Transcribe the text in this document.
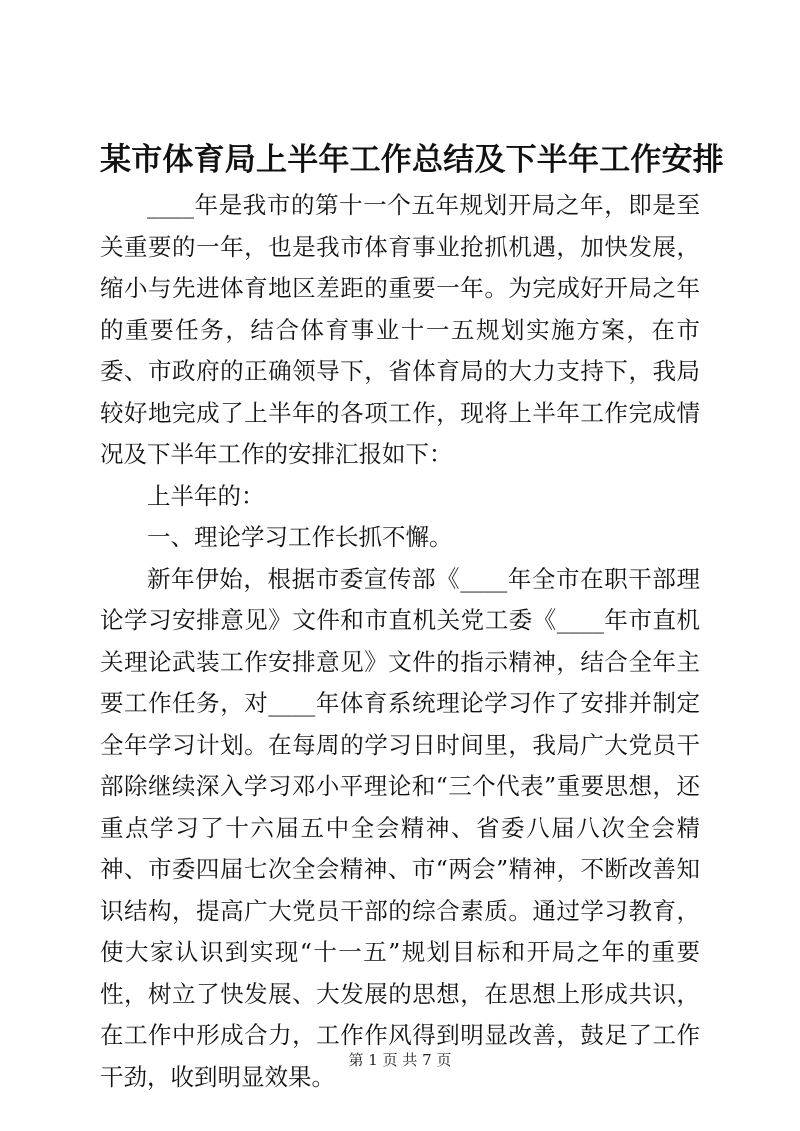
某市体育局上半年工作总结及下半年工作安排

____年是我市的第十一个五年规划开局之年，即是至关重要的一年，也是我市体育事业抢抓机遇，加快发展，缩小与先进体育地区差距的重要一年。为完成好开局之年的重要任务，结合体育事业十一五规划实施方案，在市委、市政府的正确领导下，省体育局的大力支持下，我局较好地完成了上半年的各项工作，现将上半年工作完成情况及下半年工作的安排汇报如下：

上半年的：

一、理论学习工作长抓不懈。

新年伊始，根据市委宣传部《____年全市在职干部理论学习安排意见》文件和市直机关党工委《____年市直机关理论武装工作安排意见》文件的指示精神，结合全年主要工作任务，对____年体育系统理论学习作了安排并制定全年学习计划。在每周的学习日时间里，我局广大党员干部除继续深入学习邓小平理论和“三个代表”重要思想，还重点学习了十六届五中全会精神、省委八届八次全会精神、市委四届七次全会精神、市“两会”精神，不断改善知识结构，提高广大党员干部的综合素质。通过学习教育，使大家认识到实现“十一五”规划目标和开局之年的重要性，树立了快发展、大发展的思想，在思想上形成共识，在工作中形成合力，工作作风得到明显改善，鼓足了工作干劲，收到明显效果。

第 1 页 共 7 页
